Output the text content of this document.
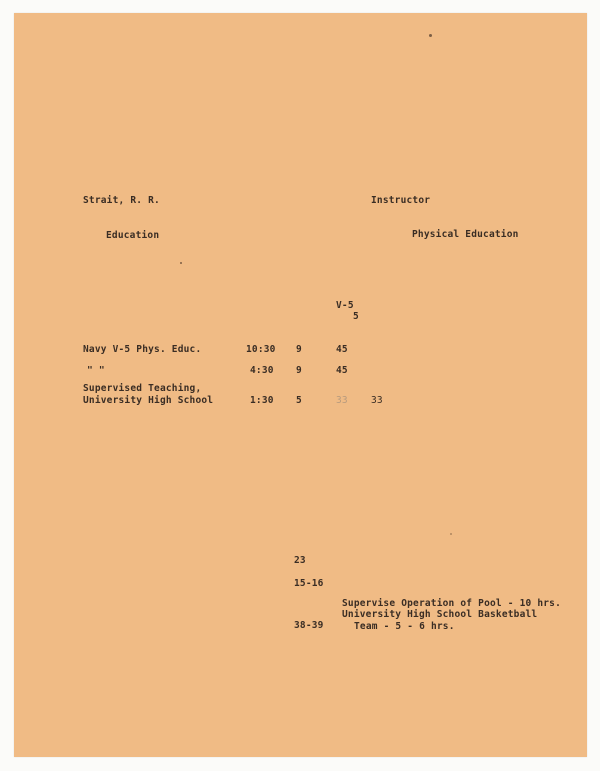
Strait, R. R.	Instructor
Education	Physical Education
V-5
5
Navy V-5 Phys. Educ.	10:30 9	45
" "	4:30 9	45
Supervised Teaching,
University High School	1:30 5	33 33
23
15-16
38-39
Supervise Operation of Pool - 10 hrs.
University High School Basketball
Team - 5 - 6 hrs.
